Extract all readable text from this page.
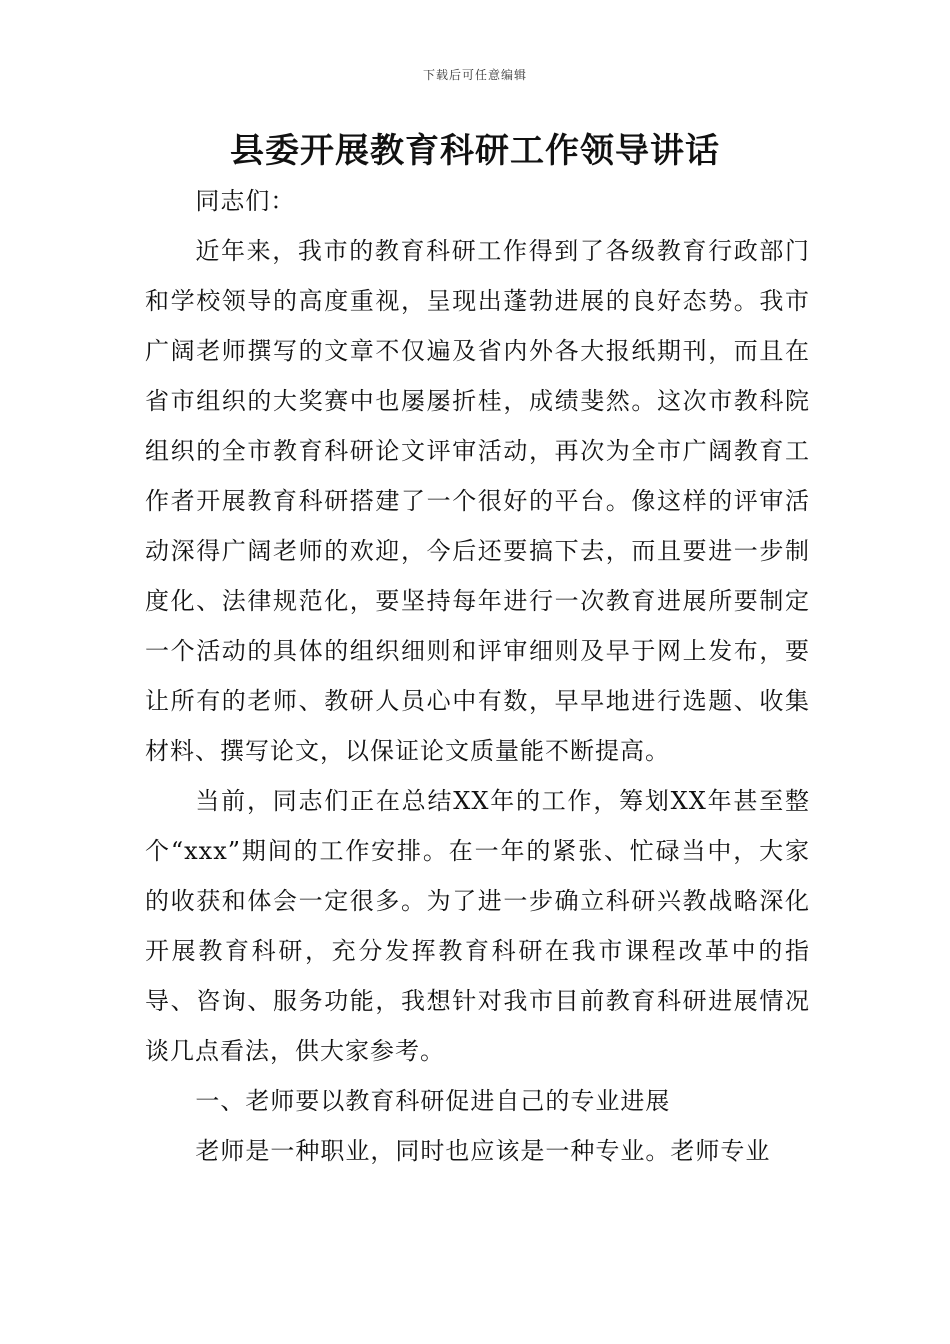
下载后可任意编辑
县委开展教育科研工作领导讲话

同志们：

近年来，我市的教育科研工作得到了各级教育行政部门和学校领导的高度重视，呈现出蓬勃进展的良好态势。我市广阔老师撰写的文章不仅遍及省内外各大报纸期刊，而且在省市组织的大奖赛中也屡屡折桂，成绩斐然。这次市教科院组织的全市教育科研论文评审活动，再次为全市广阔教育工作者开展教育科研搭建了一个很好的平台。像这样的评审活动深得广阔老师的欢迎，今后还要搞下去，而且要进一步制度化、法律规范化，要坚持每年进行一次教育进展所要制定一个活动的具体的组织细则和评审细则及早于网上发布，要让所有的老师、教研人员心中有数，早早地进行选题、收集材料、撰写论文，以保证论文质量能不断提高。

当前，同志们正在总结XX年的工作，筹划XX年甚至整个“xxx”期间的工作安排。在一年的紧张、忙碌当中，大家的收获和体会一定很多。为了进一步确立科研兴教战略深化开展教育科研，充分发挥教育科研在我市课程改革中的指导、咨询、服务功能，我想针对我市目前教育科研进展情况谈几点看法，供大家参考。

一、老师要以教育科研促进自己的专业进展

老师是一种职业，同时也应该是一种专业。老师专业
